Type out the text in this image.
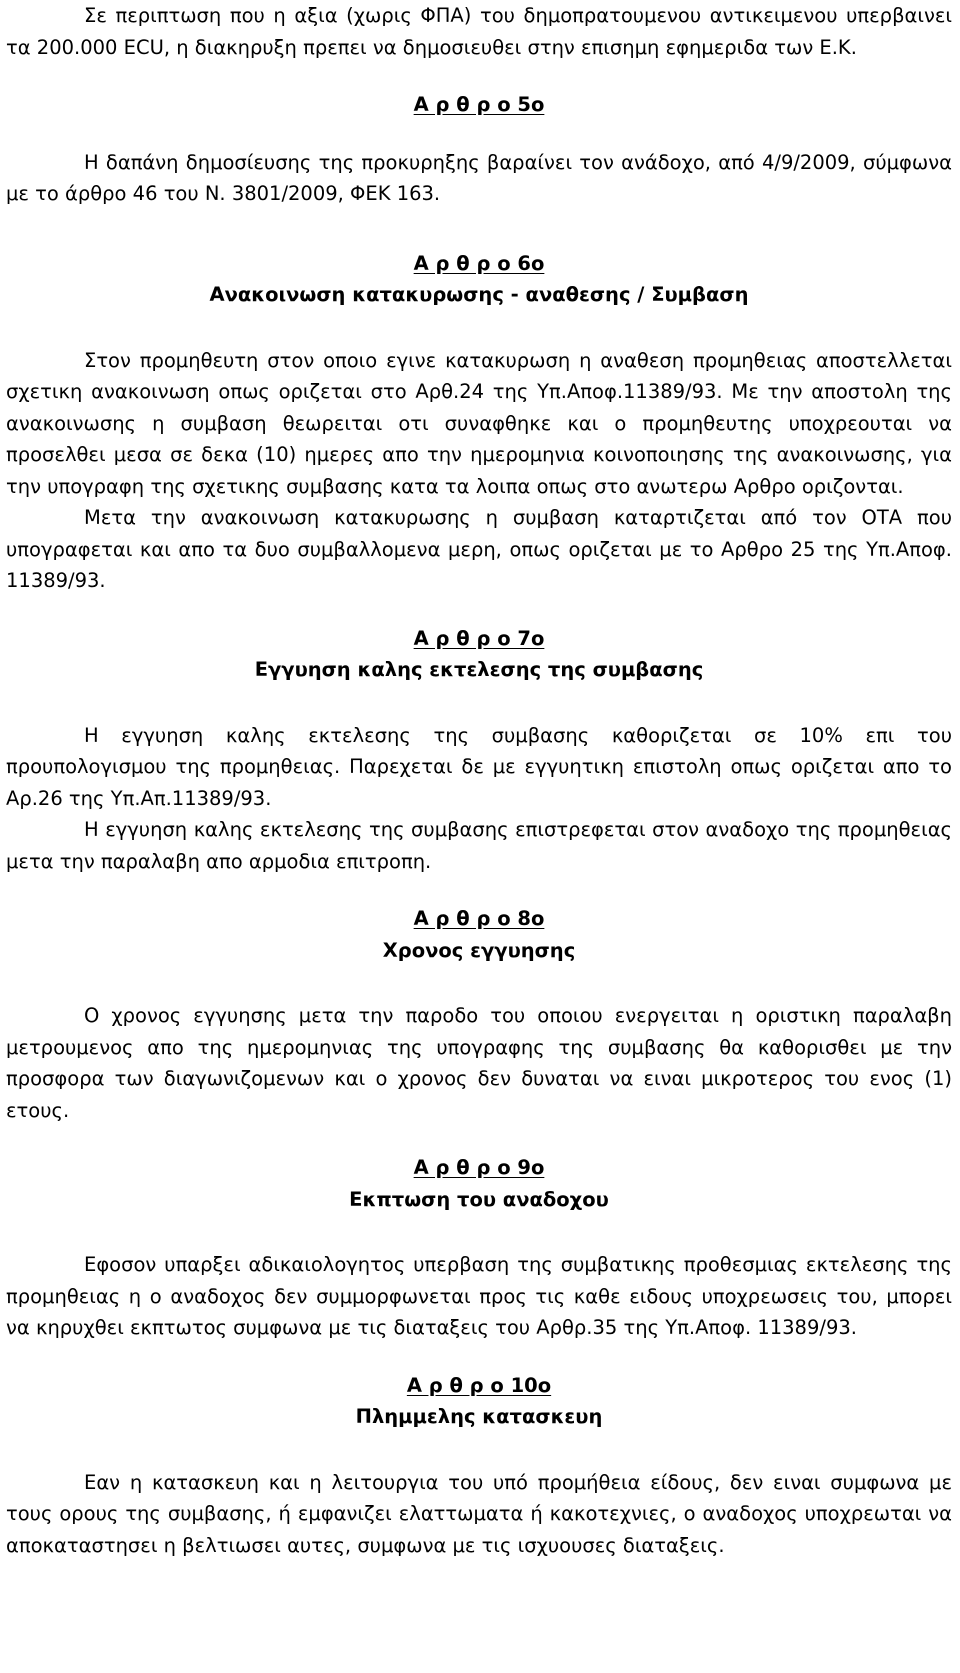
Σε περιπτωση που η αξια (χωρις ΦΠΑ) του δημοπρατουμενου αντικειμενου υπερβαινει τα 200.000 ECU, η διακηρυξη πρεπει να δημοσιευθει στην επισημη εφημεριδα των Ε.Κ.

Α ρ θ ρ ο 5ο

Η δαπάνη δημοσίευσης της προκυρηξης βαραίνει τον ανάδοχο, από 4/9/2009, σύμφωνα με το άρθρο 46 του Ν. 3801/2009, ΦΕΚ 163.

Α ρ θ ρ ο 6ο

Ανακοινωση κατακυρωσης - αναθεσης / Συμβαση

Στον προμηθευτη στον οποιο εγινε κατακυρωση η αναθεση προμηθειας αποστελλεται σχετικη ανακοινωση οπως οριζεται στο Αρθ.24 της Υπ.Αποφ.11389/93. Με την αποστολη της ανακοινωσης η συμβαση θεωρειται οτι συναφθηκε και ο προμηθευτης υποχρεουται να προσελθει μεσα σε δεκα (10) ημερες απο την ημερομηνια κοινοποιησης της ανακοινωσης, για την υπογραφη της σχετικης συμβασης κατα τα λοιπα οπως στο ανωτερω Αρθρο οριζονται.

Μετα την ανακοινωση κατακυρωσης η συμβαση καταρτιζεται από τον ΟΤΑ που υπογραφεται και απο τα δυο συμβαλλομενα μερη, οπως οριζεται με το Αρθρο 25 της Υπ.Αποφ. 11389/93.

Α ρ θ ρ ο 7ο

Εγγυηση καλης εκτελεσης της συμβασης

Η εγγυηση καλης εκτελεσης της συμβασης καθοριζεται σε 10% επι του προυπολογισμου της προμηθειας. Παρεχεται δε με εγγυητικη επιστολη οπως οριζεται απο το Αρ.26 της Υπ.Απ.11389/93.

Η εγγυηση καλης εκτελεσης της συμβασης επιστρεφεται στον αναδοχο της προμηθειας μετα την παραλαβη απο αρμοδια επιτροπη.

Α ρ θ ρ ο 8ο

Χρονος εγγυησης

Ο χρονος εγγυησης μετα την παροδο του οποιου ενεργειται η οριστικη παραλαβη μετρουμενος απο της ημερομηνιας της υπογραφης της συμβασης θα καθορισθει με την προσφορα των διαγωνιζομενων και ο χρονος δεν δυναται να ειναι μικροτερος του ενος (1) ετους.

Α ρ θ ρ ο 9ο

Εκπτωση του αναδοχου

Εφοσον υπαρξει αδικαιολογητος υπερβαση της συμβατικης προθεσμιας εκτελεσης της προμηθειας η ο αναδοχος δεν συμμορφωνεται προς τις καθε ειδους υποχρεωσεις του, μπορει να κηρυχθει εκπτωτος συμφωνα με τις διαταξεις του Αρθρ.35 της Υπ.Αποφ. 11389/93.

Α ρ θ ρ ο 10ο

Πλημμελης κατασκευη

Εαν η κατασκευη και η λειτουργια του υπό προμήθεια είδους, δεν ειναι συμφωνα με τους ορους της συμβασης, ή εμφανιζει ελαττωματα ή κακοτεχνιες, ο αναδοχος υποχρεωται να αποκαταστησει η βελτιωσει αυτες, συμφωνα με τις ισχυουσες διαταξεις.
